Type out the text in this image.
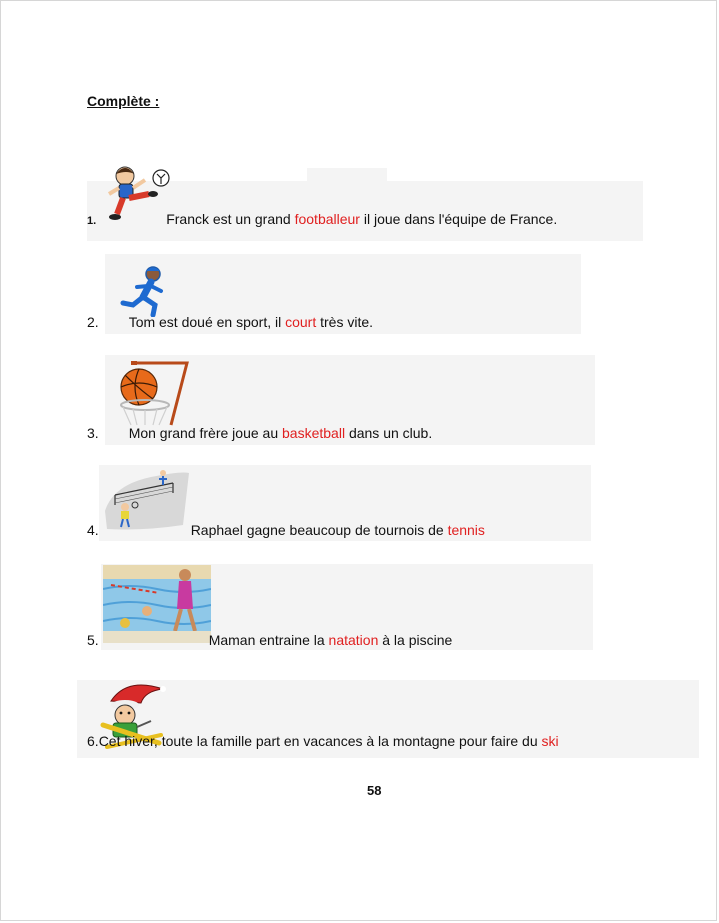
Complète :
1.	Franck est un grand footballeur il joue dans l'équipe de France.
2. Tom est doué en sport, il court très vite.
3. Mon grand frère joue au basketball dans un club.
4.	Raphael gagne beaucoup de tournois de tennis
5.	Maman entraine la natation à la piscine
6.Cet hiver, toute la famille part en vacances à la montagne pour faire du ski
58
